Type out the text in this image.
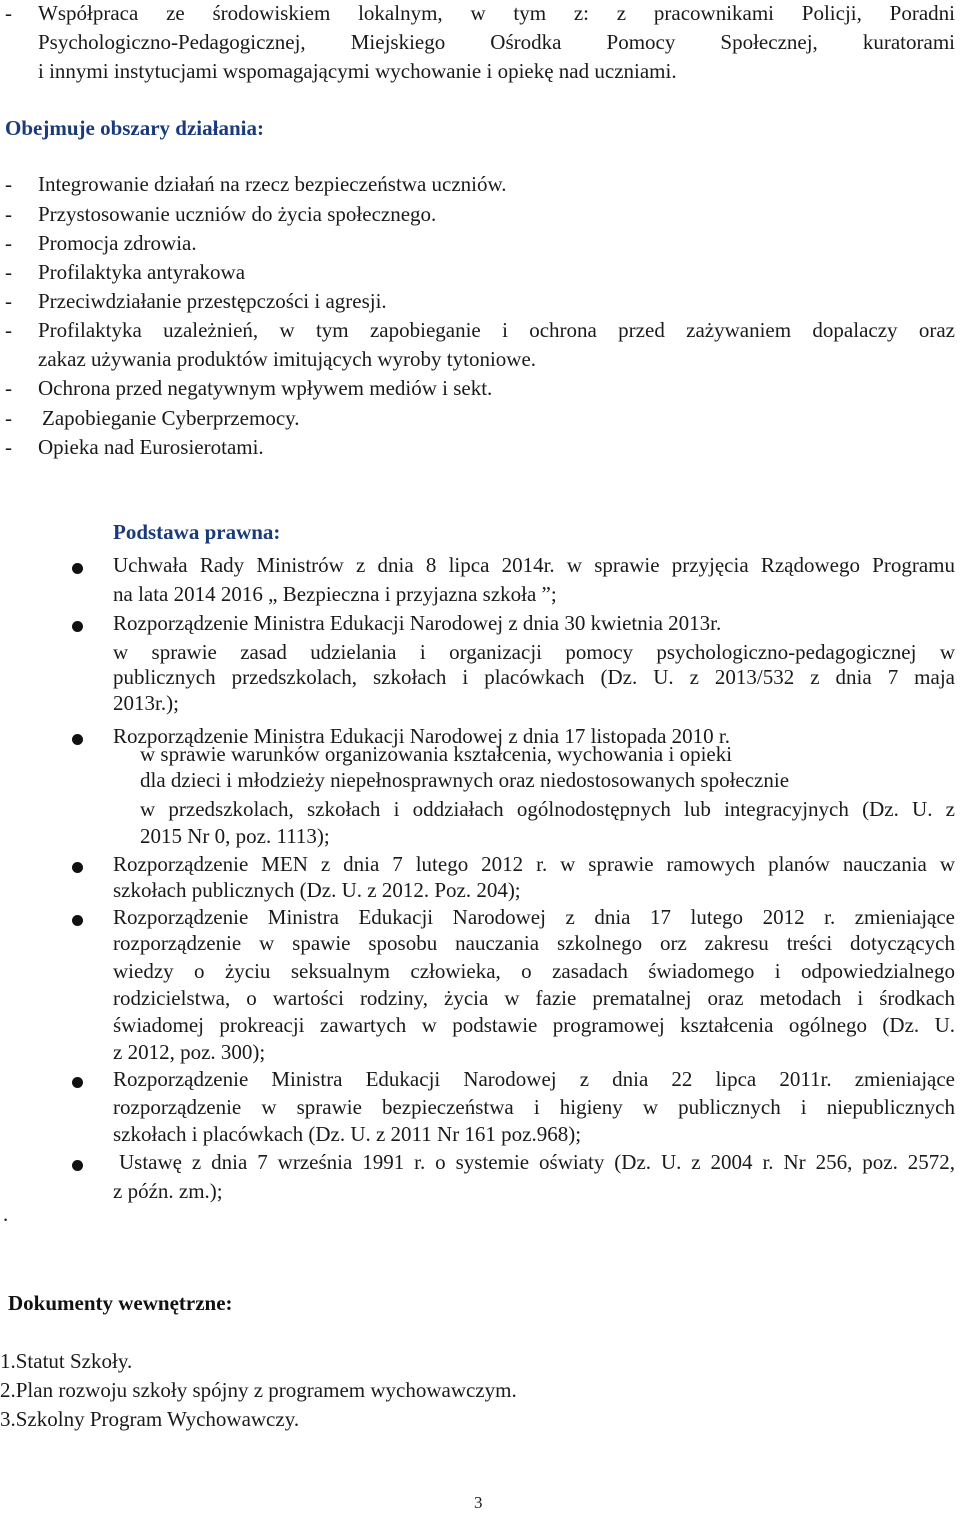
- Współpraca ze środowiskiem lokalnym, w tym z: z pracownikami Policji, Poradni
Psychologiczno-Pedagogicznej, Miejskiego Ośrodka Pomocy Społecznej, kuratorami
i innymi instytucjami wspomagającymi wychowanie i opiekę nad uczniami.
Obejmuje obszary działania:
- Integrowanie działań na rzecz bezpieczeństwa uczniów.
- Przystosowanie uczniów do życia społecznego.
- Promocja zdrowia.
- Profilaktyka antyrakowa
- Przeciwdziałanie przestępczości i agresji.
- Profilaktyka uzależnień, w tym zapobieganie i ochrona przed zażywaniem dopalaczy oraz
zakaz używania produktów imitujących wyroby tytoniowe.
- Ochrona przed negatywnym wpływem mediów i sekt.
- Zapobieganie Cyberprzemocy.
- Opieka nad Eurosierotami.
Podstawa prawna:
Uchwała Rady Ministrów z dnia 8 lipca 2014r. w sprawie przyjęcia Rządowego Programu
na lata 2014 2016 „ Bezpieczna i przyjazna szkoła ”;
Rozporządzenie Ministra Edukacji Narodowej z dnia 30 kwietnia 2013r.
w sprawie zasad udzielania i organizacji pomocy psychologiczno-pedagogicznej w
publicznych przedszkolach, szkołach i placówkach (Dz. U. z 2013/532 z dnia 7 maja
2013r.);
Rozporządzenie Ministra Edukacji Narodowej z dnia 17 listopada 2010 r.
w sprawie warunków organizowania kształcenia, wychowania i opieki
dla dzieci i młodzieży niepełnosprawnych oraz niedostosowanych społecznie
w przedszkolach, szkołach i oddziałach ogólnodostępnych lub integracyjnych (Dz. U. z
2015 Nr 0, poz. 1113);
Rozporządzenie MEN z dnia 7 lutego 2012 r. w sprawie ramowych planów nauczania w
szkołach publicznych (Dz. U. z 2012. Poz. 204);
Rozporządzenie Ministra Edukacji Narodowej z dnia 17 lutego 2012 r. zmieniające
rozporządzenie w spawie sposobu nauczania szkolnego orz zakresu treści dotyczących
wiedzy o życiu seksualnym człowieka, o zasadach świadomego i odpowiedzialnego
rodzicielstwa, o wartości rodziny, życia w fazie prematalnej oraz metodach i środkach
świadomej prokreacji zawartych w podstawie programowej kształcenia ogólnego (Dz. U.
z 2012, poz. 300);
Rozporządzenie Ministra Edukacji Narodowej z dnia 22 lipca 2011r. zmieniające
rozporządzenie w sprawie bezpieczeństwa i higieny w publicznych i niepublicznych
szkołach i placówkach (Dz. U. z 2011 Nr 161 poz.968);
Ustawę z dnia 7 września 1991 r. o systemie oświaty (Dz. U. z 2004 r. Nr 256, poz. 2572,
z późn. zm.);
.
Dokumenty wewnętrzne:
1.Statut Szkoły.
2.Plan rozwoju szkoły spójny z programem wychowawczym.
3.Szkolny Program Wychowawczy.
3
